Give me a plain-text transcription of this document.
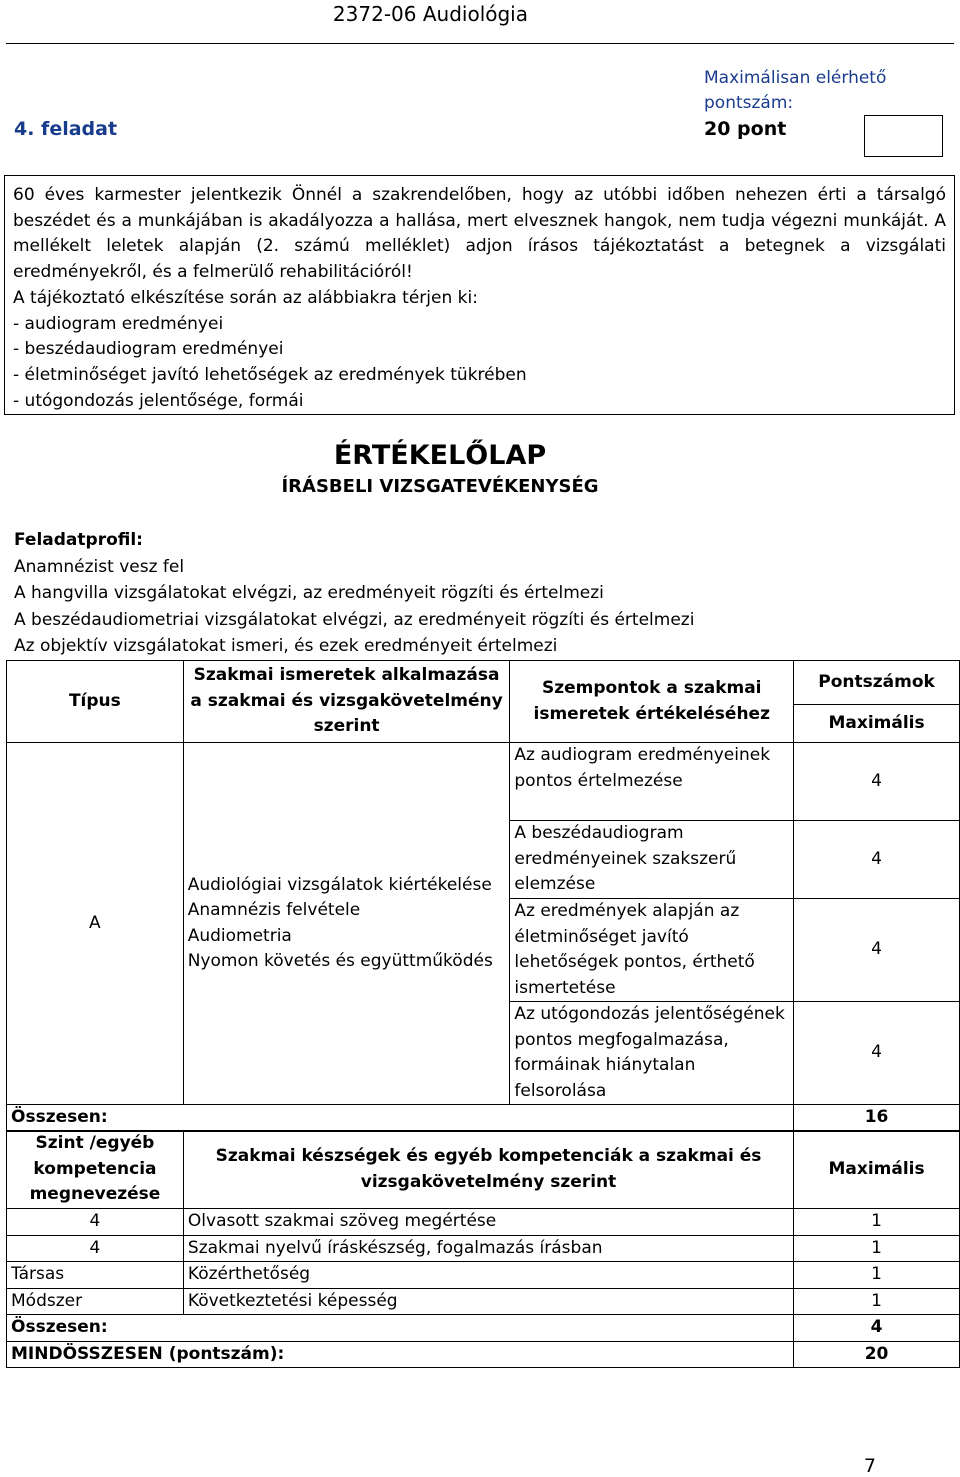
2372-06 Audiológia
Maximálisan elérhető
pontszám:
4. feladat	20 pont

60 éves karmester jelentkezik Önnél a szakrendelőben, hogy az utóbbi időben nehezen érti a társalgó beszédet és a munkájában is akadályozza a hallása, mert elvesznek hangok, nem tudja végezni munkáját. A mellékelt leletek alapján (2. számú melléklet) adjon írásos tájékoztatást a betegnek a vizsgálati eredményekről, és a felmerülő rehabilitációról!

A tájékoztató elkészítése során az alábbiakra térjen ki:
- audiogram eredményei
- beszédaudiogram eredményei
- életminőséget javító lehetőségek az eredmények tükrében
- utógondozás jelentősége, formái
ÉRTÉKELŐLAP
ÍRÁSBELI VIZSGATEVÉKENYSÉG
Feladatprofil:
Anamnézist vesz fel
A hangvilla vizsgálatokat elvégzi, az eredményeit rögzíti és értelmezi
A beszédaudiometriai vizsgálatokat elvégzi, az eredményeit rögzíti és értelmezi
Az objektív vizsgálatokat ismeri, és ezek eredményeit értelmezi
Típus	Szakmai ismeretek alkalmazása a szakmai és vizsgakövetelmény szerint	Szempontok a szakmai ismeretek értékeléséhez	Pontszámok
			Maximális
A	Audiológiai vizsgálatok kiértékelése
Anamnézis felvétele
Audiometria
Nyomon követés és együttműködés	Az audiogram eredményeinek pontos értelmezése	4
		A beszédaudiogram eredményeinek szakszerű elemzése	4
		Az eredmények alapján az életminőséget javító lehetőségek pontos, érthető ismertetése	4
		Az utógondozás jelentőségének pontos megfogalmazása, formáinak hiánytalan felsorolása	4
Összesen:			16
Szint /egyéb kompetencia megnevezése	Szakmai készségek és egyéb kompetenciák a szakmai és vizsgakövetelmény szerint	Maximális
4	Olvasott szakmai szöveg megértése	1
4	Szakmai nyelvű íráskészség, fogalmazás írásban	1
Társas	Közérthetőség	1
Módszer	Következtetési képesség	1
Összesen:		4
MINDÖSSZESEN (pontszám):		20
7
